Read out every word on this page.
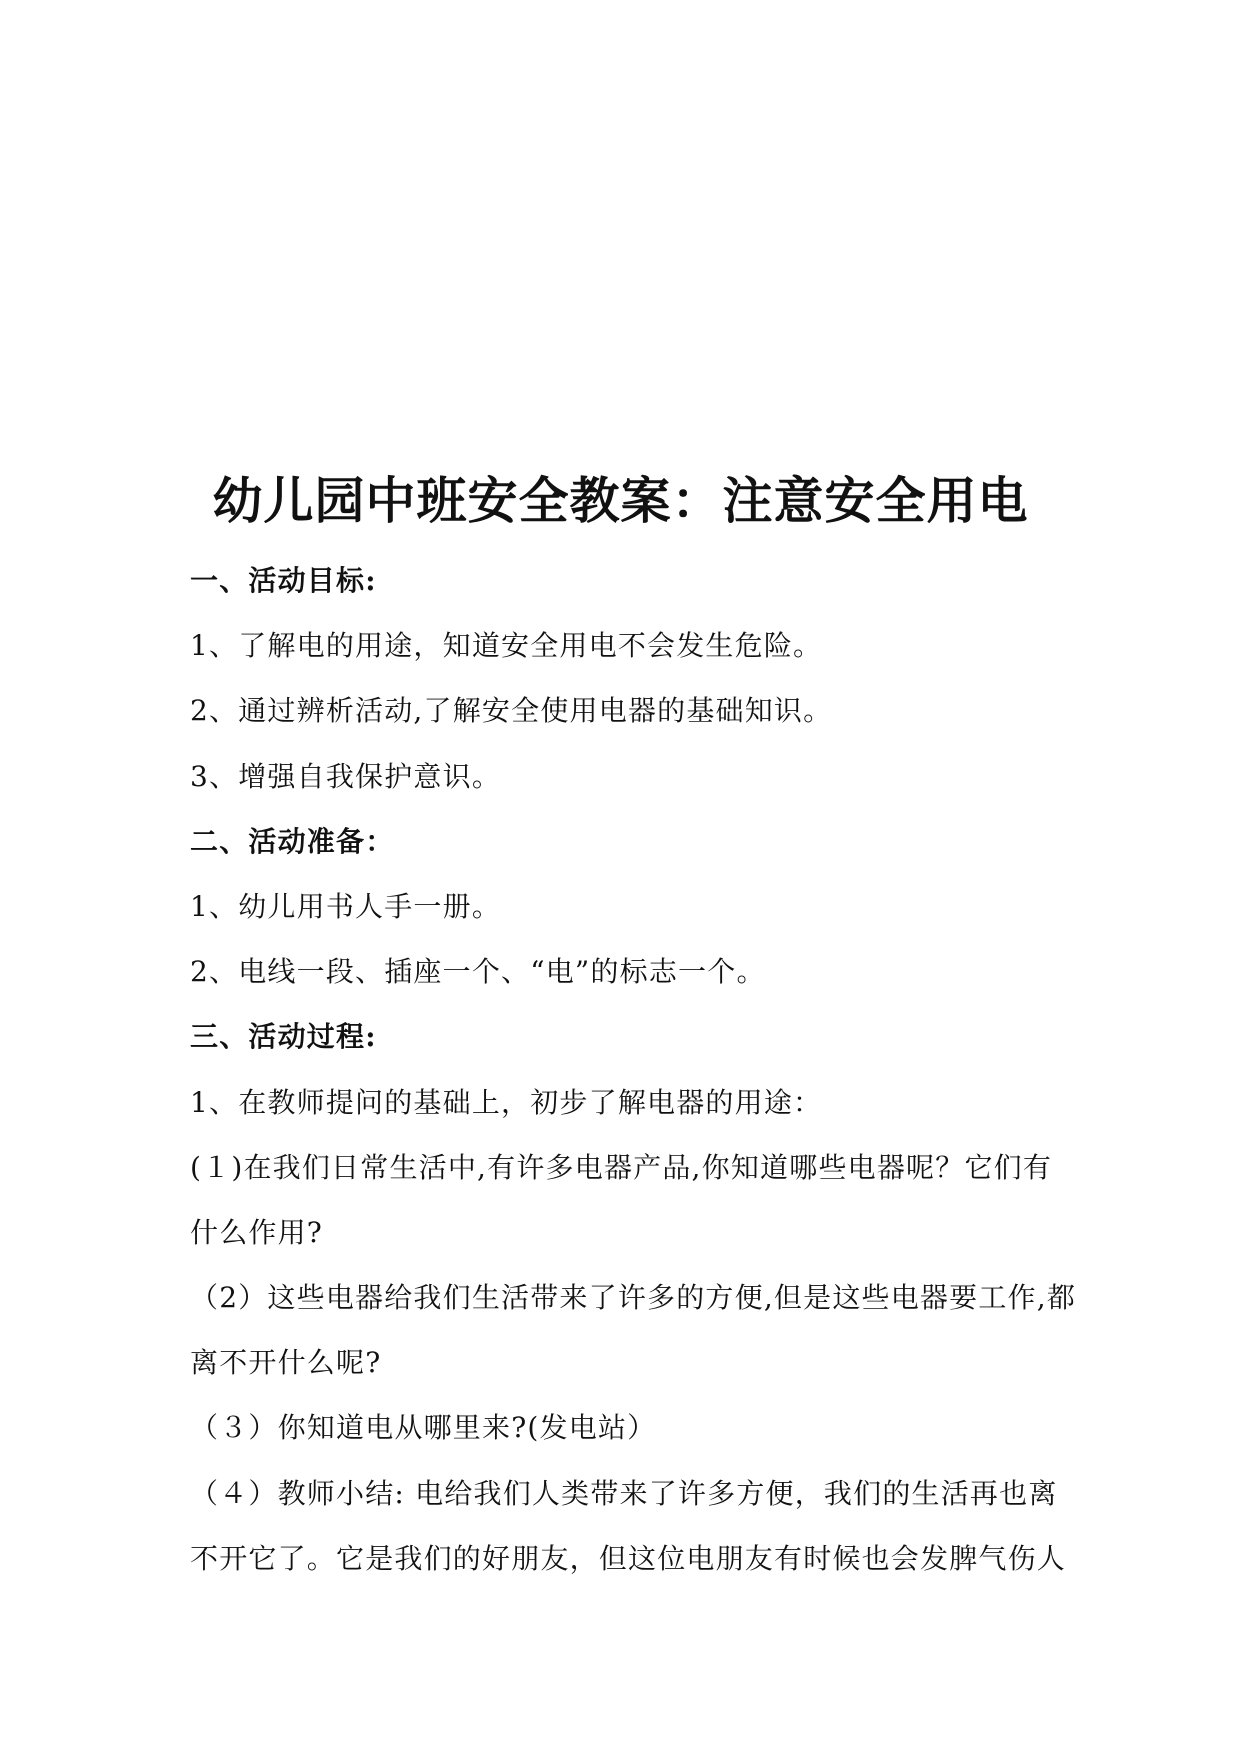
幼儿园中班安全教案：注意安全用电
一、活动目标:
1、了解电的用途，知道安全用电不会发生危险。
2、通过辨析活动,了解安全使用电器的基础知识。
3、增强自我保护意识。
二、活动准备：
1、幼儿用书人手一册。
2、电线一段、插座一个、“电”的标志一个。
三、活动过程:
1、在教师提问的基础上，初步了解电器的用途：
(１)在我们日常生活中,有许多电器产品,你知道哪些电器呢？它们有
什么作用?
（2）这些电器给我们生活带来了许多的方便,但是这些电器要工作,都
离不开什么呢?
（３）你知道电从哪里来?(发电站）
（４）教师小结: 电给我们人类带来了许多方便，我们的生活再也离
不开它了。它是我们的好朋友，但这位电朋友有时候也会发脾气伤人
